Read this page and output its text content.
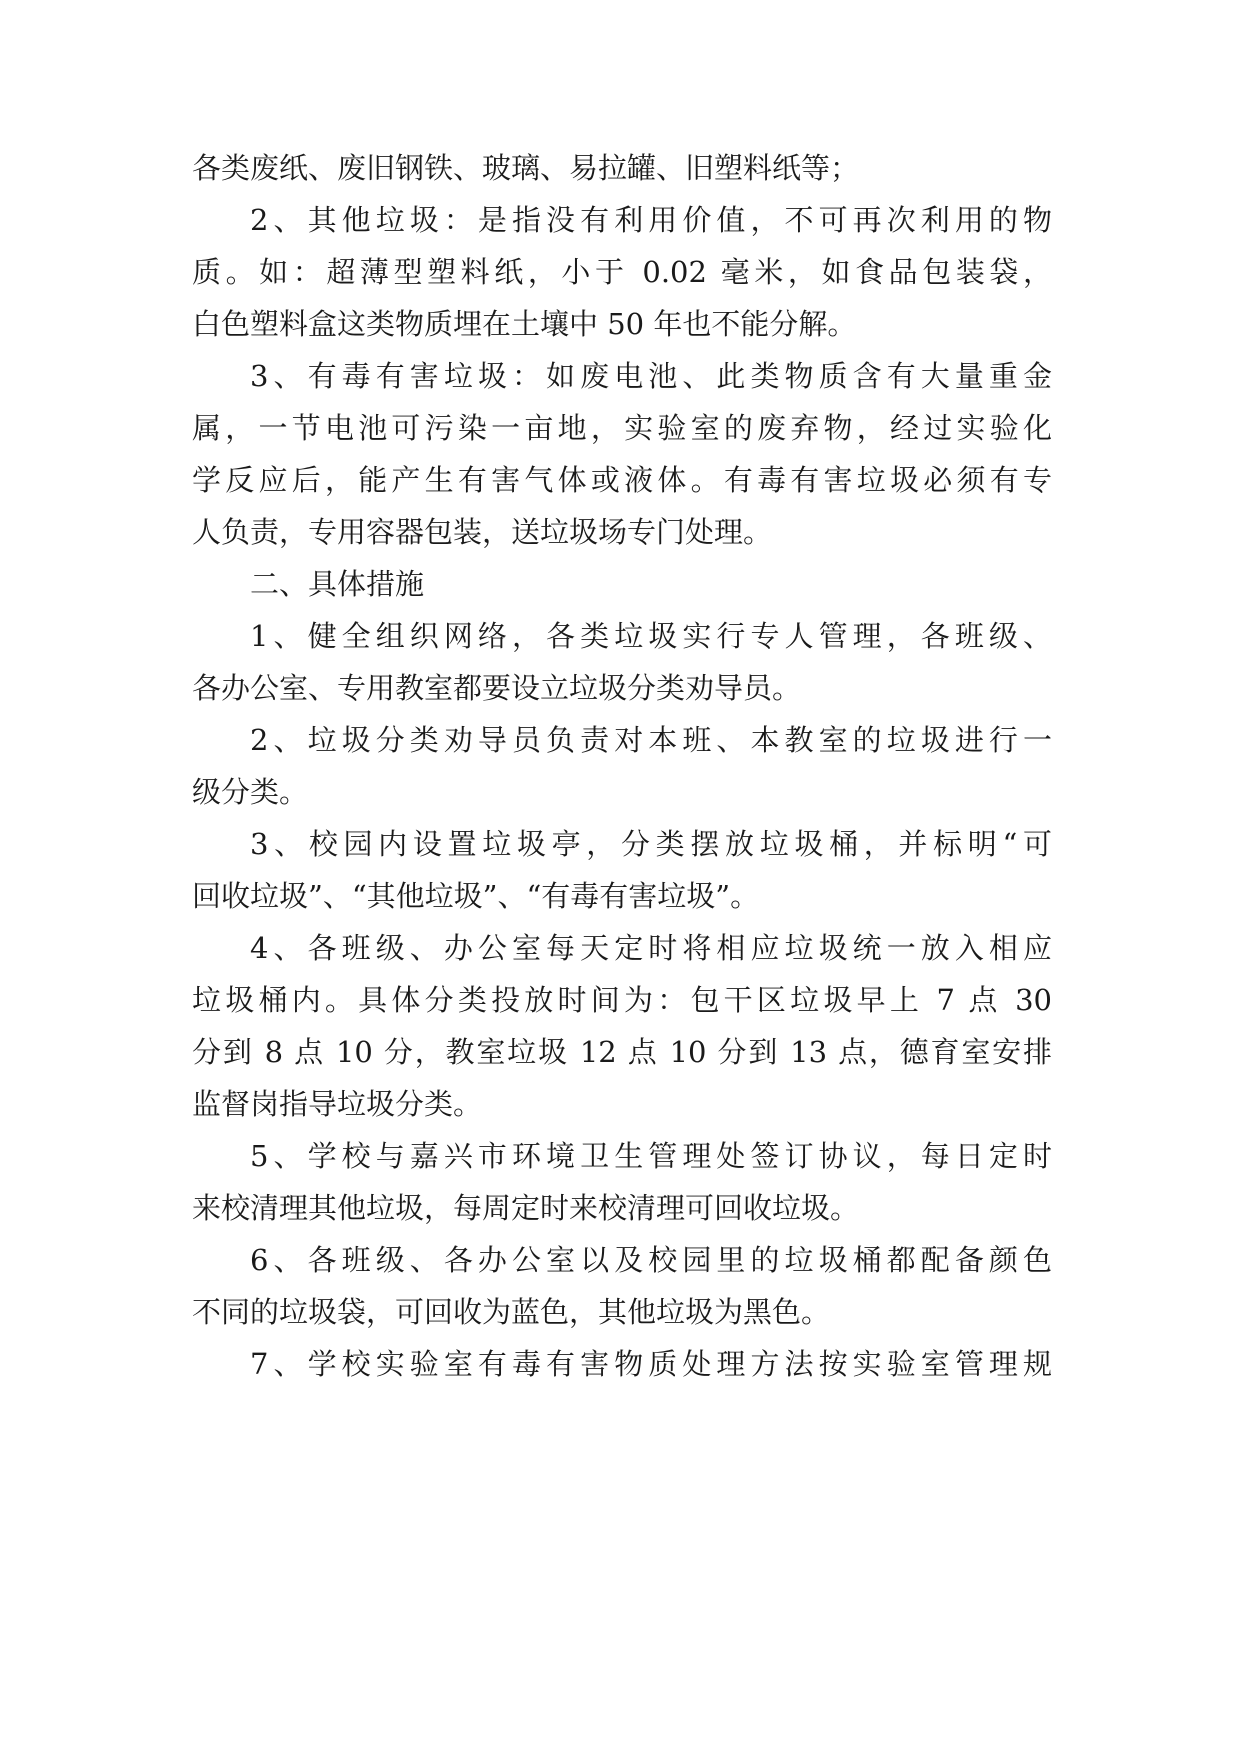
各类废纸、废旧钢铁、玻璃、易拉罐、旧塑料纸等；
2、其他垃圾：是指没有利用价值，不可再次利用的物
质。如：超薄型塑料纸，小于 0.02 毫米，如食品包装袋，
白色塑料盒这类物质埋在土壤中 50 年也不能分解。
3、有毒有害垃圾：如废电池、此类物质含有大量重金
属，一节电池可污染一亩地，实验室的废弃物，经过实验化
学反应后，能产生有害气体或液体。有毒有害垃圾必须有专
人负责，专用容器包装，送垃圾场专门处理。
二、具体措施
1、健全组织网络，各类垃圾实行专人管理，各班级、
各办公室、专用教室都要设立垃圾分类劝导员。
2、垃圾分类劝导员负责对本班、本教室的垃圾进行一
级分类。
3、校园内设置垃圾亭，分类摆放垃圾桶，并标明“可
回收垃圾”、“其他垃圾”、“有毒有害垃圾”。
4、各班级、办公室每天定时将相应垃圾统一放入相应
垃圾桶内。具体分类投放时间为：包干区垃圾早上 7 点 30
分到 8 点 10 分，教室垃圾 12 点 10 分到 13 点，德育室安排
监督岗指导垃圾分类。
5、学校与嘉兴市环境卫生管理处签订协议，每日定时
来校清理其他垃圾，每周定时来校清理可回收垃圾。
6、各班级、各办公室以及校园里的垃圾桶都配备颜色
不同的垃圾袋，可回收为蓝色，其他垃圾为黑色。
7、学校实验室有毒有害物质处理方法按实验室管理规
